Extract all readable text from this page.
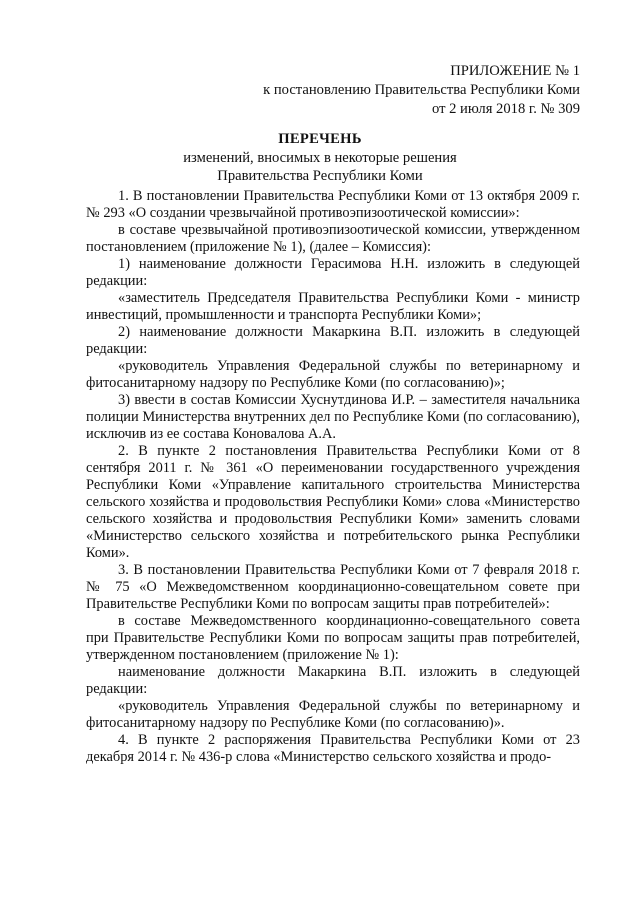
ПРИЛОЖЕНИЕ № 1
к постановлению Правительства Республики Коми
от 2 июля 2018 г. № 309
ПЕРЕЧЕНЬ
изменений, вносимых в некоторые решения
Правительства Республики Коми

1. В постановлении Правительства Республики Коми от 13 октября 2009 г. № 293 «О создании чрезвычайной противоэпизоотической комиссии»:

в составе чрезвычайной противоэпизоотической комиссии, утвержденном постановлением (приложение № 1), (далее – Комиссия):

1) наименование должности Герасимова Н.Н. изложить в следующей редакции:

«заместитель Председателя Правительства Республики Коми - министр инвестиций, промышленности и транспорта Республики Коми»;

2) наименование должности Макаркина В.П. изложить в следующей редакции:

«руководитель Управления Федеральной службы по ветеринарному и фитосанитарному надзору по Республике Коми (по согласованию)»;

3) ввести в состав Комиссии Хуснутдинова И.Р. – заместителя начальника полиции Министерства внутренних дел по Республике Коми (по согласованию), исключив из ее состава Коновалова А.А.

2. В пункте 2 постановления Правительства Республики Коми от 8 сентября 2011 г. № 361 «О переименовании государственного учреждения Республики Коми «Управление капитального строительства Министерства сельского хозяйства и продовольствия Республики Коми» слова «Министерство сельского хозяйства и продовольствия Республики Коми» заменить словами «Министерство сельского хозяйства и потребительского рынка Республики Коми».

3. В постановлении Правительства Республики Коми от 7 февраля 2018 г. № 75 «О Межведомственном координационно-совещательном совете при Правительстве Республики Коми по вопросам защиты прав потребителей»:

в составе Межведомственного координационно-совещательного совета при Правительстве Республики Коми по вопросам защиты прав потребителей, утвержденном постановлением (приложение № 1):

наименование должности Макаркина В.П. изложить в следующей редакции:

«руководитель Управления Федеральной службы по ветеринарному и фитосанитарному надзору по Республике Коми (по согласованию)».

4. В пункте 2 распоряжения Правительства Республики Коми от 23 декабря 2014 г. № 436-р слова «Министерство сельского хозяйства и продо-
